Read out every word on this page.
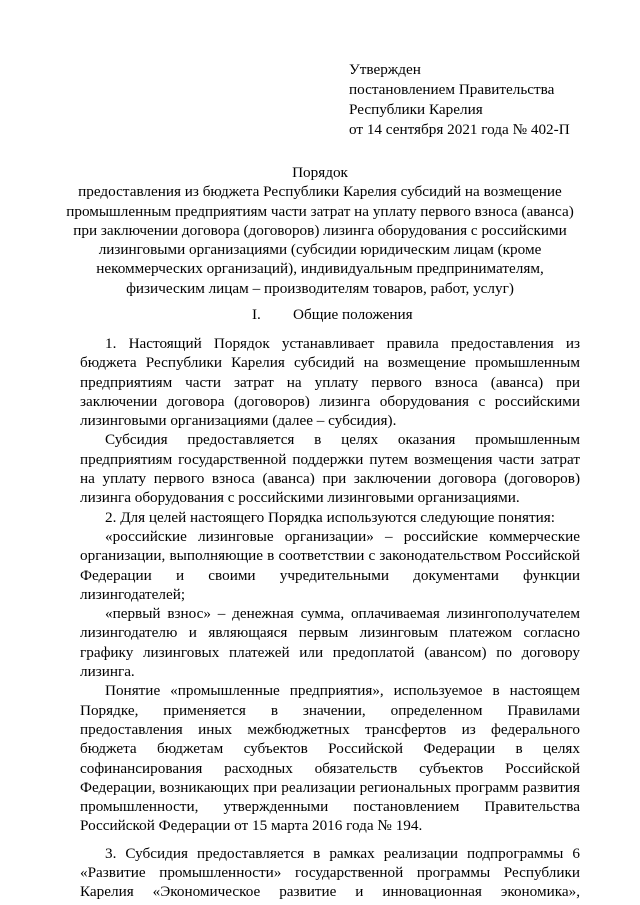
Утвержден
постановлением Правительства
Республики Карелия
от 14 сентября 2021 года № 402-П
Порядок
предоставления из бюджета Республики Карелия субсидий на возмещение
промышленным предприятиям части затрат на уплату первого взноса (аванса)
при заключении договора (договоров) лизинга оборудования с российскими
лизинговыми организациями (субсидии юридическим лицам (кроме
некоммерческих организаций), индивидуальным предпринимателям,
физическим лицам – производителям товаров, работ, услуг)
I. Общие положения

1. Настоящий Порядок устанавливает правила предоставления из бюджета Республики Карелия субсидий на возмещение промышленным предприятиям части затрат на уплату первого взноса (аванса) при заключении договора (договоров) лизинга оборудования с российскими лизинговыми организациями (далее – субсидия).

Субсидия предоставляется в целях оказания промышленным предприятиям государственной поддержки путем возмещения части затрат на уплату первого взноса (аванса) при заключении договора (договоров) лизинга оборудования с российскими лизинговыми организациями.

2. Для целей настоящего Порядка используются следующие понятия:

«российские лизинговые организации» – российские коммерческие организации, выполняющие в соответствии с законодательством Российской Федерации и своими учредительными документами функции лизингодателей;

«первый взнос» – денежная сумма, оплачиваемая лизингополучателем лизингодателю и являющаяся первым лизинговым платежом согласно графику лизинговых платежей или предоплатой (авансом) по договору лизинга.

Понятие «промышленные предприятия», используемое в настоящем Порядке, применяется в значении, определенном Правилами предоставления иных межбюджетных трансфертов из федерального бюджета бюджетам субъектов Российской Федерации в целях софинансирования расходных обязательств субъектов Российской Федерации, возникающих при реализации региональных программ развития промышленности, утвержденными постановлением Правительства Российской Федерации от 15 марта 2016 года № 194.

3. Субсидия предоставляется в рамках реализации подпрограммы 6 «Развитие промышленности» государственной программы Республики Карелия «Экономическое развитие и инновационная экономика»,
